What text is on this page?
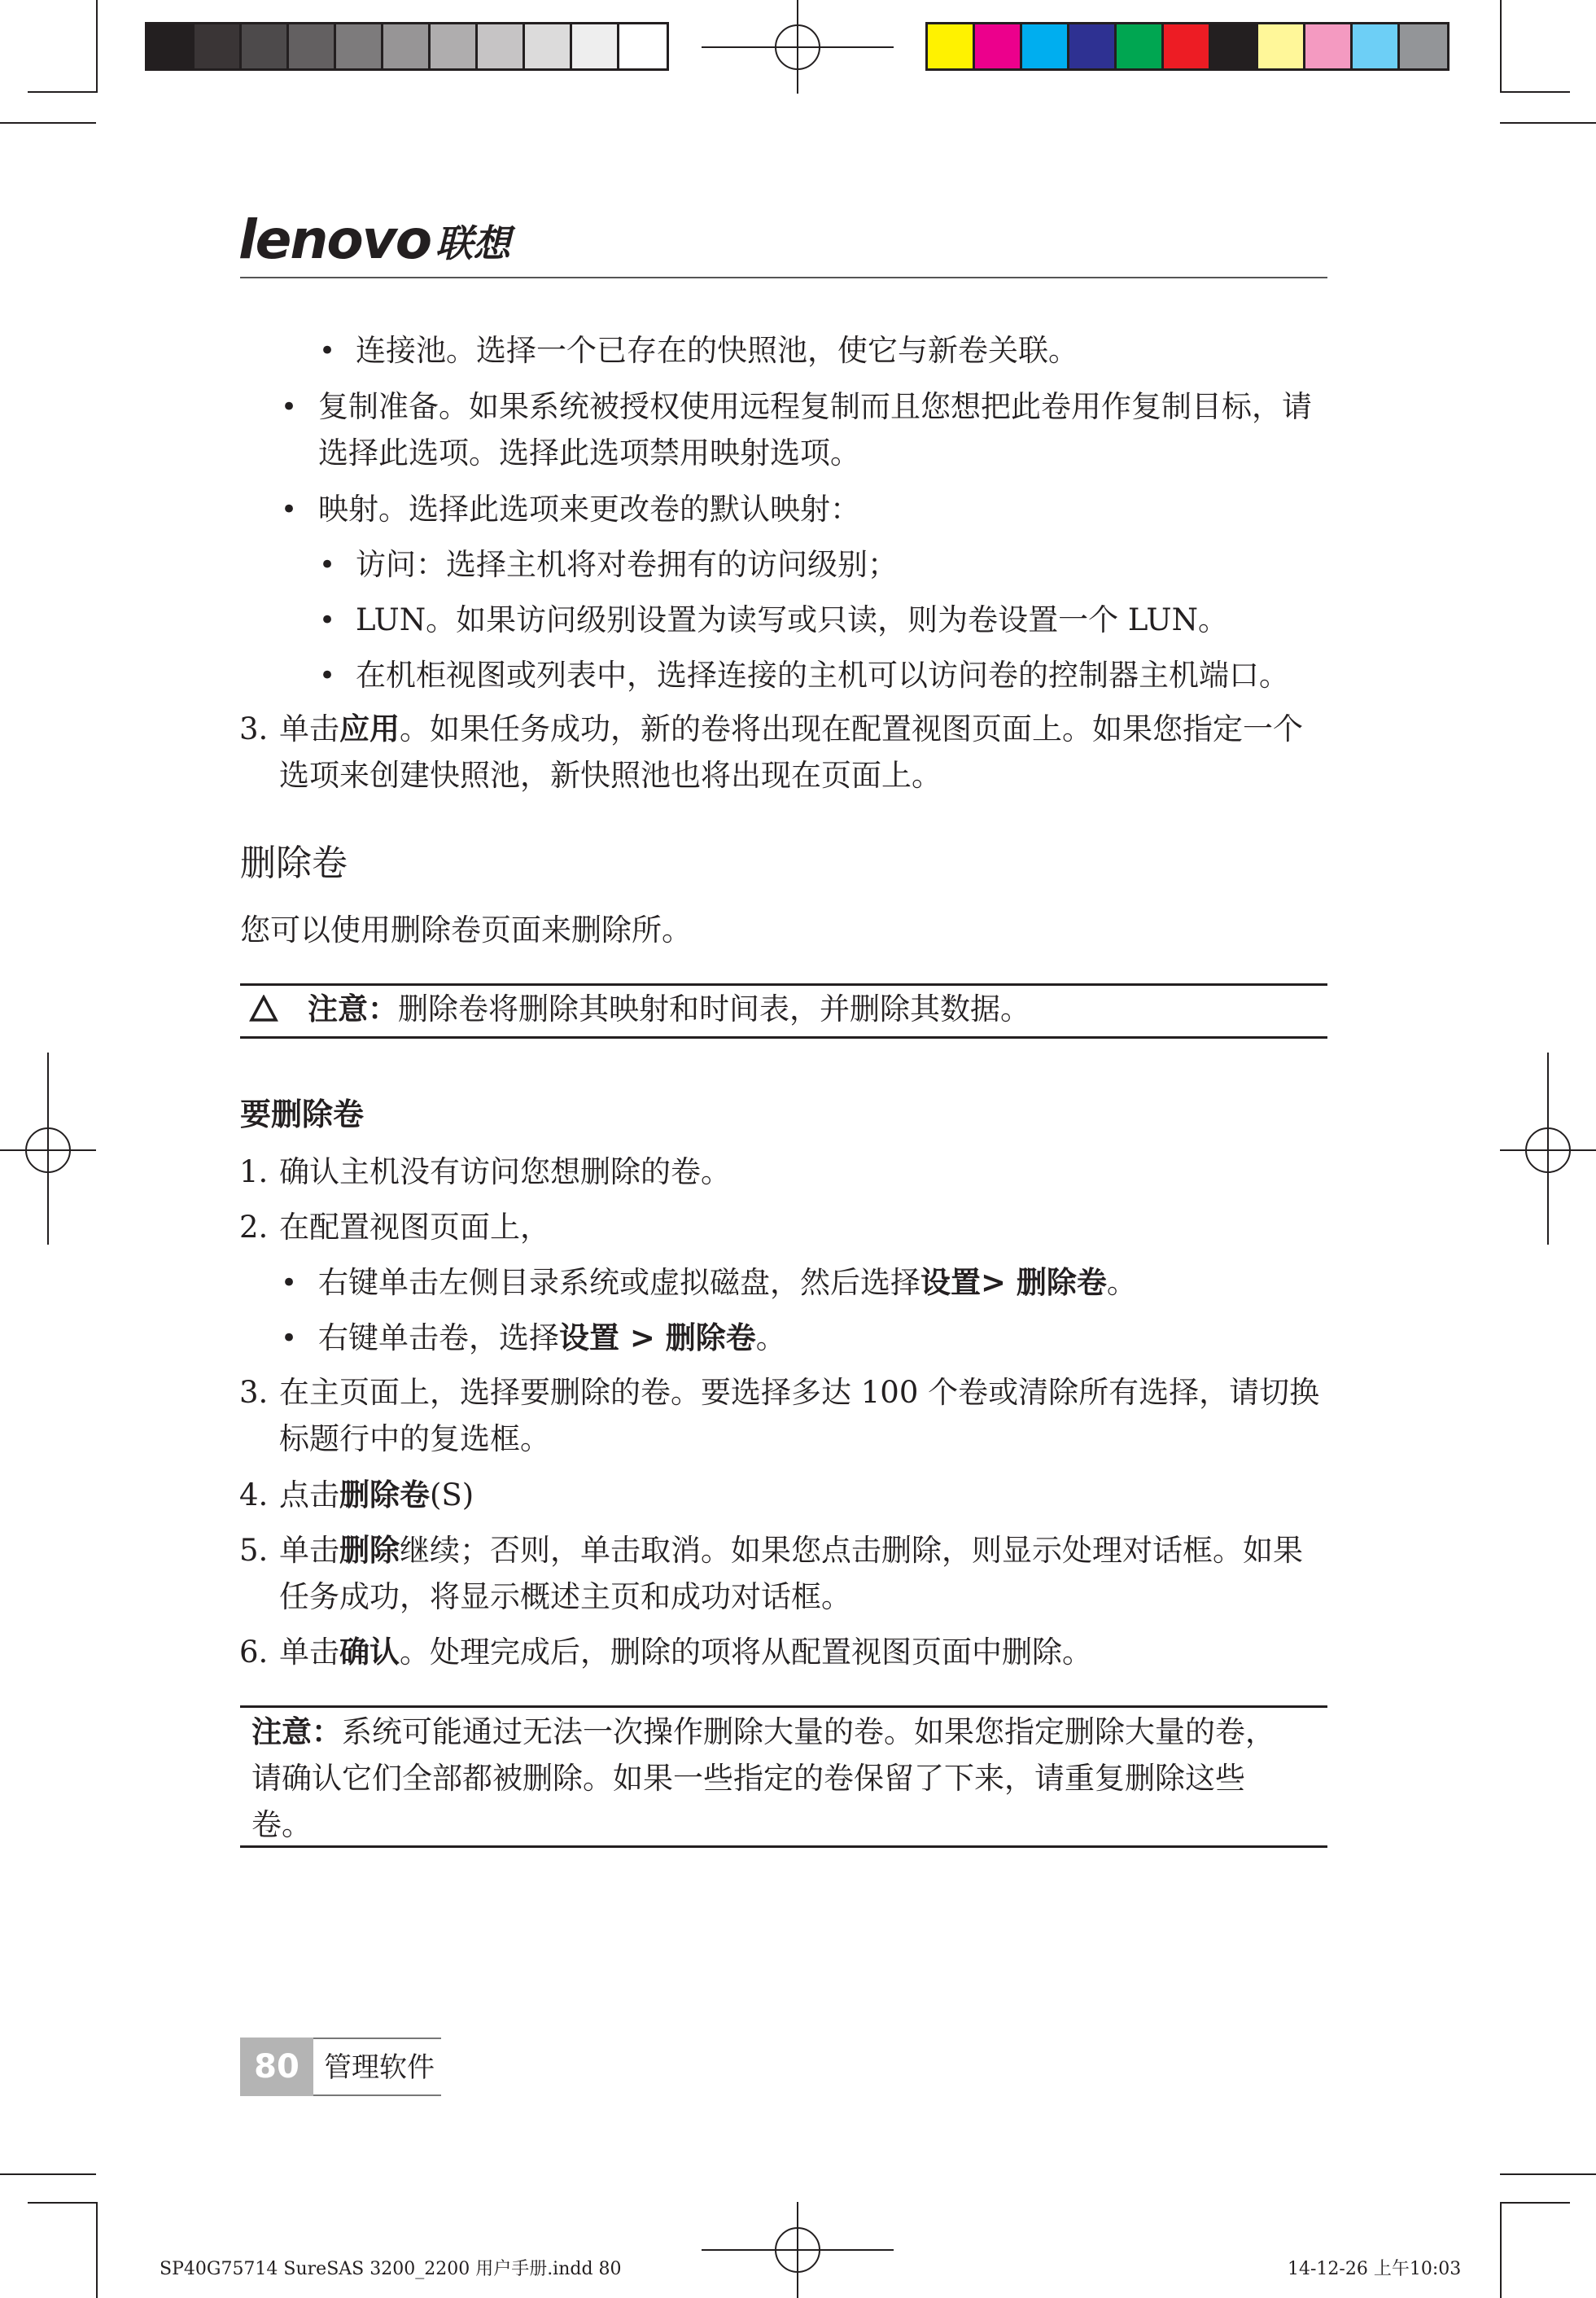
lenovo 联想
• 连接池。选择一个已存在的快照池，使它与新卷关联。
• 复制准备。如果系统被授权使用远程复制而且您想把此卷用作复制目标，请
选择此选项。选择此选项禁用映射选项。
• 映射。选择此选项来更改卷的默认映射：
• 访问：选择主机将对卷拥有的访问级别；
• LUN。如果访问级别设置为读写或只读，则为卷设置一个 LUN。
• 在机柜视图或列表中，选择连接的主机可以访问卷的控制器主机端口。
3. 单击应用。如果任务成功，新的卷将出现在配置视图页面上。如果您指定一个
选项来创建快照池，新快照池也将出现在页面上。
删除卷
您可以使用删除卷页面来删除所。
注意：删除卷将删除其映射和时间表，并删除其数据。
要删除卷
1. 确认主机没有访问您想删除的卷。
2. 在配置视图页面上，
• 右键单击左侧目录系统或虚拟磁盘，然后选择设置> 删除卷。
• 右键单击卷，选择设置 > 删除卷。
3. 在主页面上，选择要删除的卷。要选择多达 100 个卷或清除所有选择，请切换
标题行中的复选框。
4. 点击删除卷(S)
5. 单击删除继续；否则，单击取消。如果您点击删除，则显示处理对话框。如果
任务成功，将显示概述主页和成功对话框。
6. 单击确认。处理完成后，删除的项将从配置视图页面中删除。
注意：系统可能通过无法一次操作删除大量的卷。如果您指定删除大量的卷，
请确认它们全部都被删除。如果一些指定的卷保留了下来，请重复删除这些
卷。
80 管理软件
SP40G75714 SureSAS 3200_2200 用户手册.indd 80	14-12-26 上午10:03
